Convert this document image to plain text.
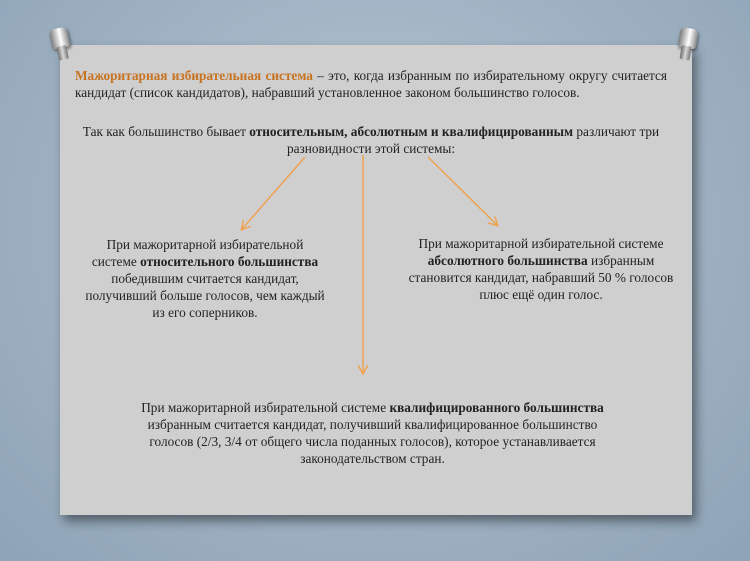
Мажоритарная избирательная система – это, когда избранным по избирательному округу считается кандидат (список кандидатов), набравший установленное законом большинство голосов.
Так как большинство бывает относительным, абсолютным и квалифицированным различают три разновидности этой системы:
При мажоритарной избирательной системе относительного большинства победившим считается кандидат, получивший больше голосов, чем каждый из его соперников.
При мажоритарной избирательной системе абсолютного большинства избранным становится кандидат, набравший 50 % голосов плюс ещё один голос.
При мажоритарной избирательной системе квалифицированного большинства избранным считается кандидат, получивший квалифицированное большинство голосов (2/3, 3/4 от общего числа поданных голосов), которое устанавливается законодательством стран.
